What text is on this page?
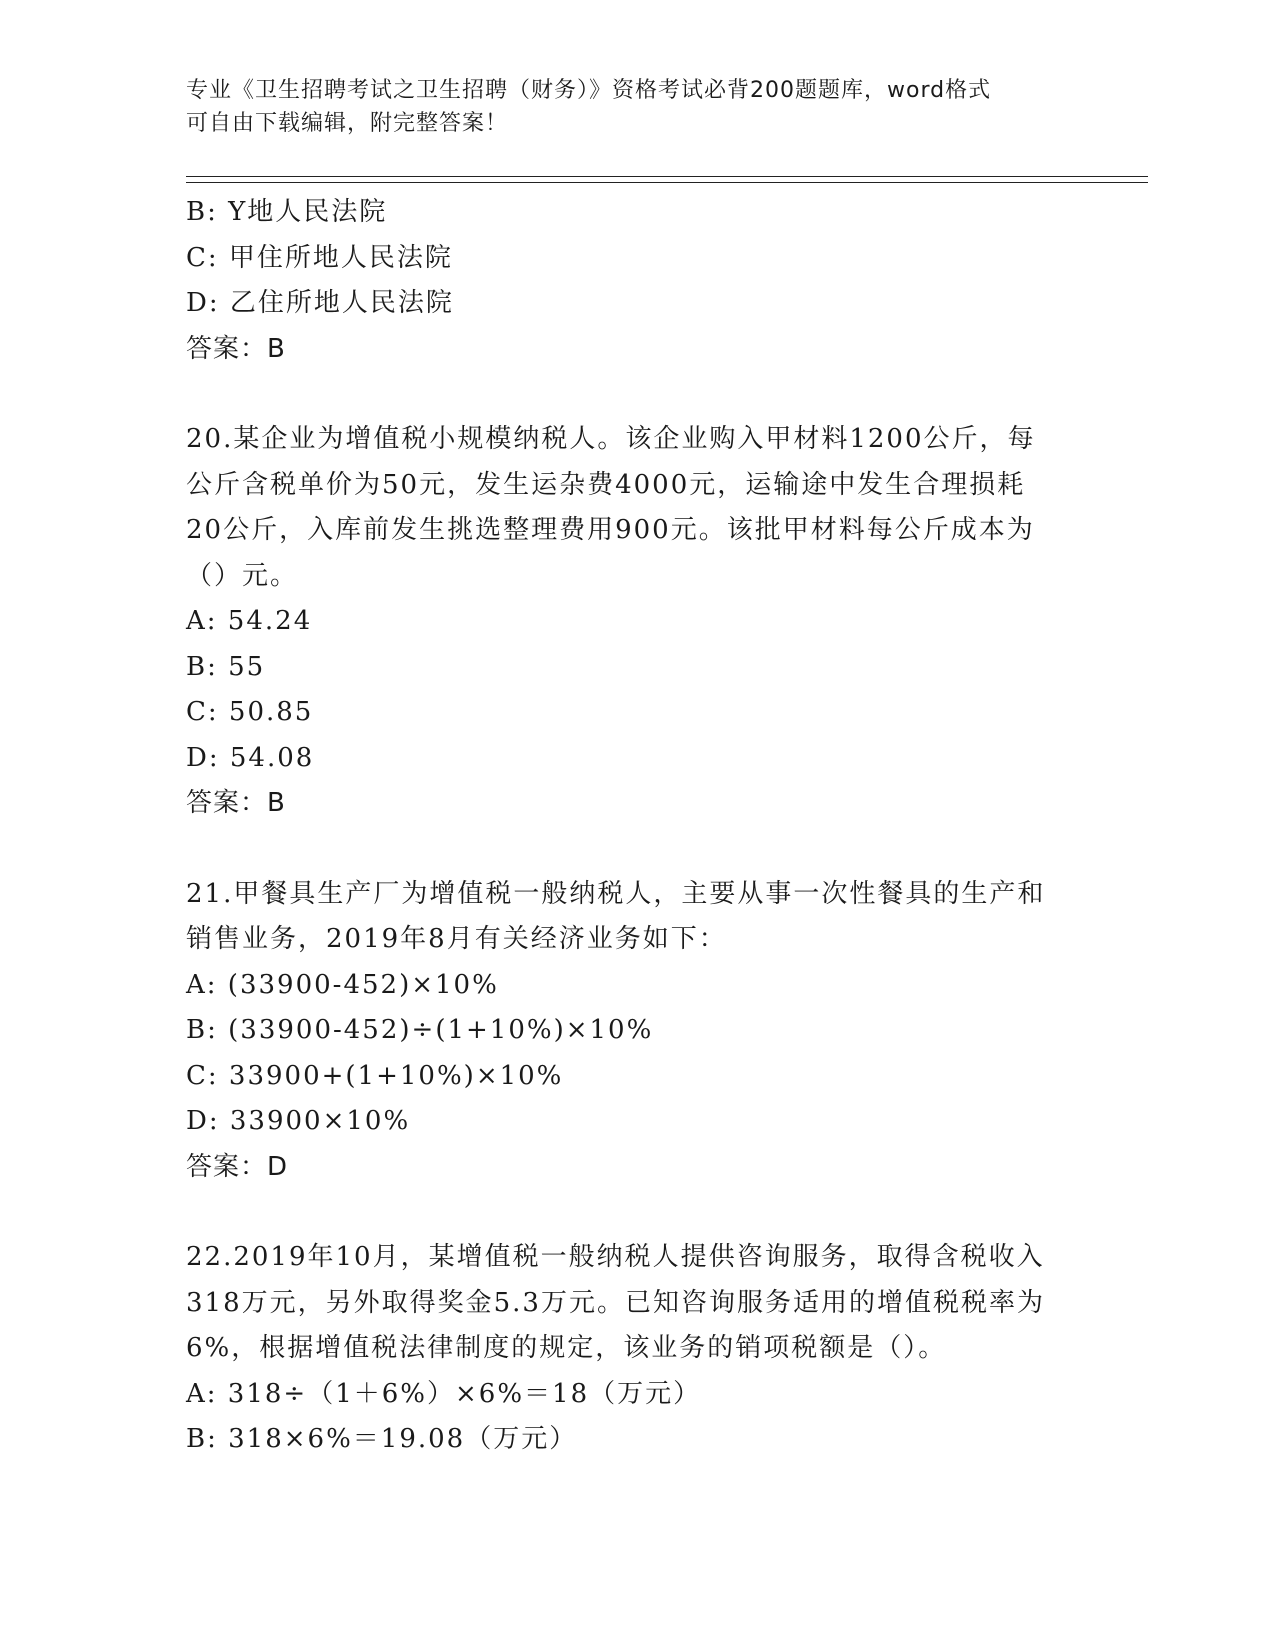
专业《卫生招聘考试之卫生招聘（财务）》资格考试必背200题题库，word格式
可自由下载编辑，附完整答案！
B: Y地人民法院
C: 甲住所地人民法院
D: 乙住所地人民法院
答案：B
20.某企业为增值税小规模纳税人。该企业购入甲材料1200公斤，每
公斤含税单价为50元，发生运杂费4000元，运输途中发生合理损耗
20公斤，入库前发生挑选整理费用900元。该批甲材料每公斤成本为
（）元。
A: 54.24
B: 55
C: 50.85
D: 54.08
答案：B
21.甲餐具生产厂为增值税一般纳税人，主要从事一次性餐具的生产和
销售业务，2019年8月有关经济业务如下：
A: (33900-452)×10%
B: (33900-452)÷(1+10%)×10%
C: 33900+(1+10%)×10%
D: 33900×10%
答案：D
22.2019年10月，某增值税一般纳税人提供咨询服务，取得含税收入
318万元，另外取得奖金5.3万元。已知咨询服务适用的增值税税率为
6%，根据增值税法律制度的规定，该业务的销项税额是（）。
A: 318÷（1＋6%）×6%＝18（万元）
B: 318×6%＝19.08（万元）
